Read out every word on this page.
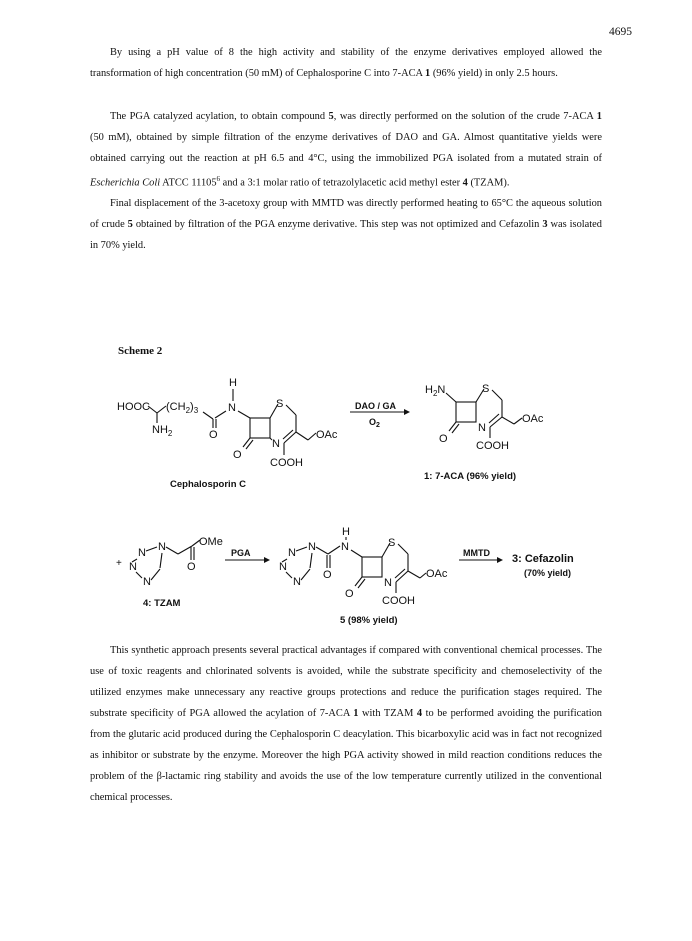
4695

By using a pH value of 8 the high activity and stability of the enzyme derivatives employed allowed the transformation of high concentration (50 mM) of Cephalosporine C into 7-ACA 1 (96% yield) in only 2.5 hours.

The PGA catalyzed acylation, to obtain compound 5, was directly performed on the solution of the crude 7-ACA 1 (50 mM), obtained by simple filtration of the enzyme derivatives of DAO and GA. Almost quantitative yields were obtained carrying out the reaction at pH 6.5 and 4°C, using the immobilized PGA isolated from a mutated strain of Escherichia Coli ATCC 11105$^6$ and a 3:1 molar ratio of tetrazolylacetic acid methyl ester 4 (TZAM).

Final displacement of the 3-acetoxy group with MMTD was directly performed heating to 65°C the aqueous solution of crude 5 obtained by filtration of the PGA enzyme derivative. This step was not optimized and Cefazolin 3 was isolated in 70% yield.

Scheme 2
HOOC
$NH_2$
$(CH_2)_3$
O
H
N	S
N
O
COOH
OAc
Cephalosporin C
DAO / GA
$O_2$
$H_2N$	S
N
O
COOH
OAc
1: 7-ACA (96% yield)
+
N
N
N
N	OMe
O
4: TZAM
PGA	N
N
N
N
O
H
N	S
N
O
COOH
OAc
5 (98% yield)
MMTD 3: Cefazolin
(70% yield)

This synthetic approach presents several practical advantages if compared with conventional chemical processes. The use of toxic reagents and chlorinated solvents is avoided, while the substrate specificity and chemoselectivity of the utilized enzymes make unnecessary any reactive groups protections and reduce the purification stages required. The substrate specificity of PGA allowed the acylation of 7-ACA 1 with TZAM 4 to be performed avoiding the purification from the glutaric acid produced during the Cephalosporin C deacylation. This bicarboxylic acid was in fact not recognized as inhibitor or substrate by the enzyme. Moreover the high PGA activity showed in mild reaction conditions reduces the problem of the β-lactamic ring stability and avoids the use of the low temperature currently utilized in the conventional chemical processes.
